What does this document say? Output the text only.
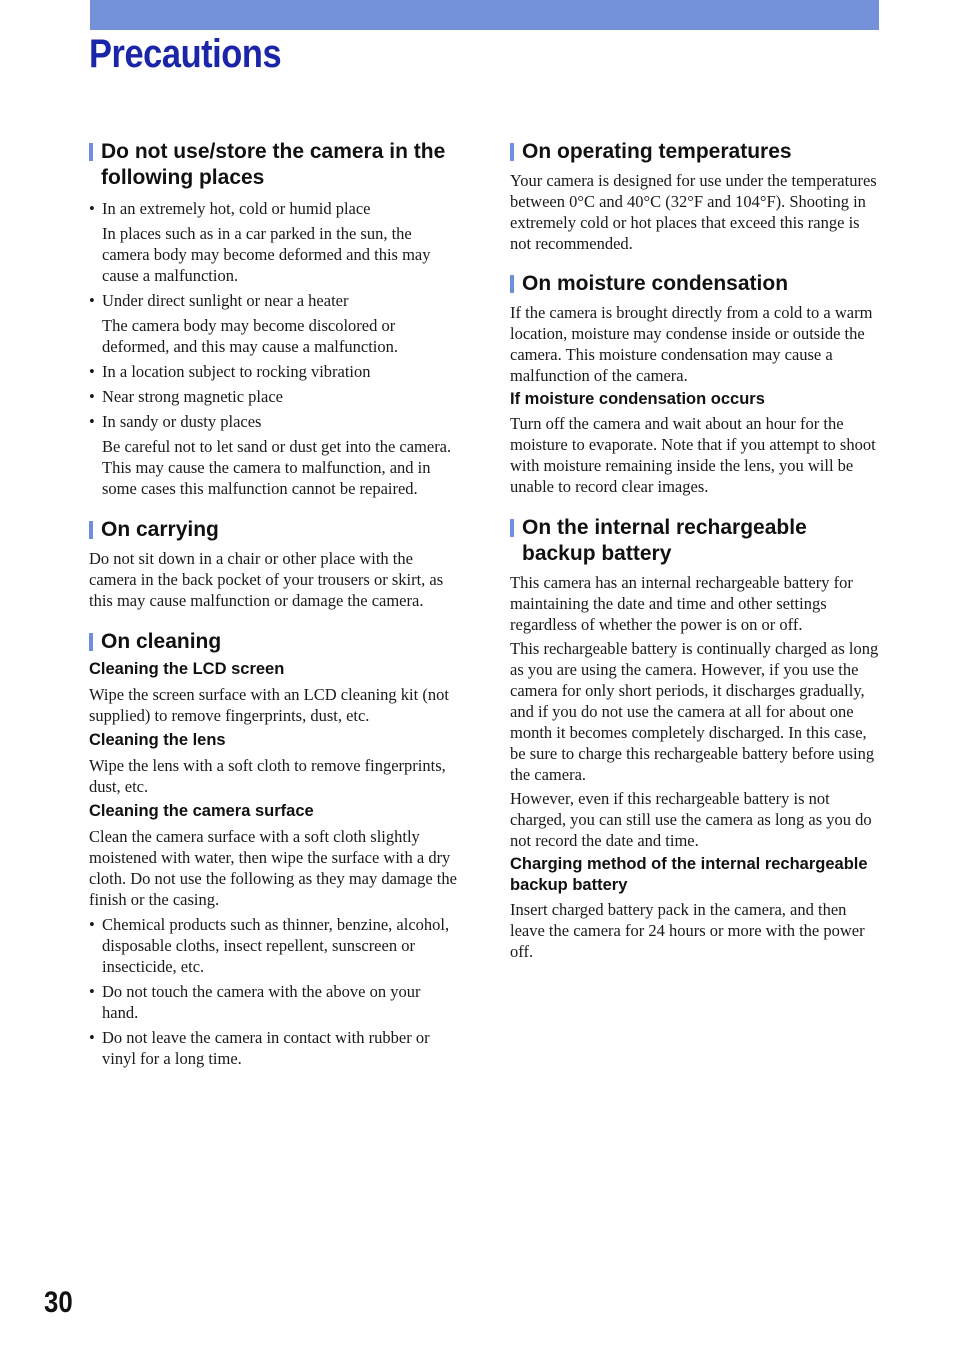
Precautions
Do not use/store the camera in the following places
• In an extremely hot, cold or humid place
In places such as in a car parked in the sun, the camera body may become deformed and this may cause a malfunction.
• Under direct sunlight or near a heater
The camera body may become discolored or deformed, and this may cause a malfunction.
• In a location subject to rocking vibration
• Near strong magnetic place
• In sandy or dusty places
Be careful not to let sand or dust get into the camera. This may cause the camera to malfunction, and in some cases this malfunction cannot be repaired.
On carrying

Do not sit down in a chair or other place with the camera in the back pocket of your trousers or skirt, as this may cause malfunction or damage the camera.

On cleaning
Cleaning the LCD screen

Wipe the screen surface with an LCD cleaning kit (not supplied) to remove fingerprints, dust, etc.

Cleaning the lens

Wipe the lens with a soft cloth to remove fingerprints, dust, etc.

Cleaning the camera surface

Clean the camera surface with a soft cloth slightly moistened with water, then wipe the surface with a dry cloth. Do not use the following as they may damage the finish or the casing.

• Chemical products such as thinner, benzine, alcohol, disposable cloths, insect repellent, sunscreen or insecticide, etc.
• Do not touch the camera with the above on your hand.
• Do not leave the camera in contact with rubber or vinyl for a long time.
On operating temperatures

Your camera is designed for use under the temperatures between 0°C and 40°C (32°F and 104°F). Shooting in extremely cold or hot places that exceed this range is not recommended.

On moisture condensation

If the camera is brought directly from a cold to a warm location, moisture may condense inside or outside the camera. This moisture condensation may cause a malfunction of the camera.

If moisture condensation occurs

Turn off the camera and wait about an hour for the moisture to evaporate. Note that if you attempt to shoot with moisture remaining inside the lens, you will be unable to record clear images.

On the internal rechargeable backup battery

This camera has an internal rechargeable battery for maintaining the date and time and other settings regardless of whether the power is on or off.

This rechargeable battery is continually charged as long as you are using the camera. However, if you use the camera for only short periods, it discharges gradually, and if you do not use the camera at all for about one month it becomes completely discharged. In this case, be sure to charge this rechargeable battery before using the camera.

However, even if this rechargeable battery is not charged, you can still use the camera as long as you do not record the date and time.

Charging method of the internal rechargeable backup battery

Insert charged battery pack in the camera, and then leave the camera for 24 hours or more with the power off.

30
